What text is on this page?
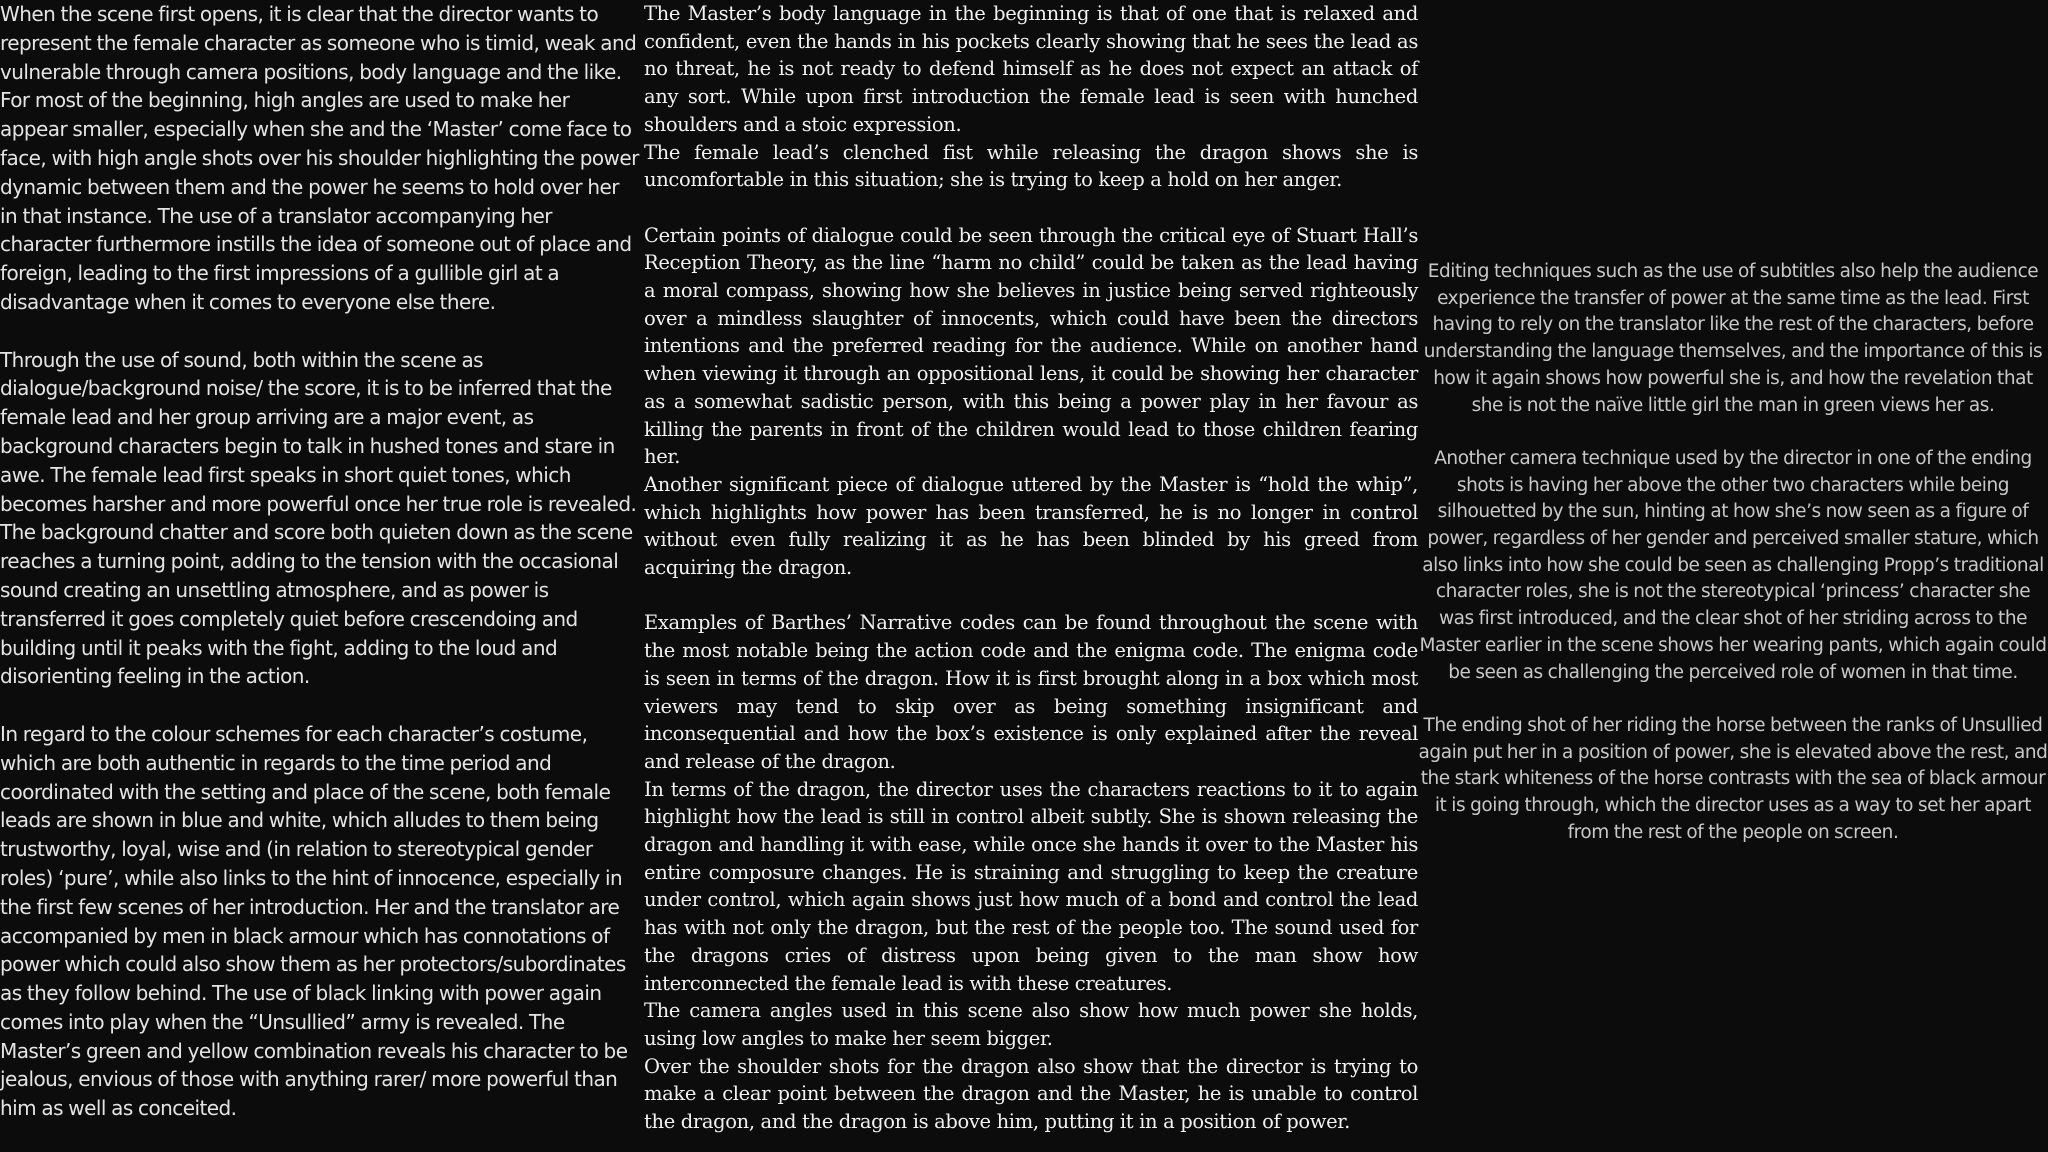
When the scene first opens, it is clear that the director wants to represent the female character as someone who is timid, weak and vulnerable through camera positions, body language and the like. For most of the beginning, high angles are used to make her appear smaller, especially when she and the ‘Master’ come face to face, with high angle shots over his shoulder highlighting the power dynamic between them and the power he seems to hold over her in that instance. The use of a translator accompanying her character furthermore instills the idea of someone out of place and foreign, leading to the first impressions of a gullible girl at a disadvantage when it comes to everyone else there.

Through the use of sound, both within the scene as dialogue/background noise/ the score, it is to be inferred that the female lead and her group arriving are a major event, as background characters begin to talk in hushed tones and stare in awe. The female lead first speaks in short quiet tones, which becomes harsher and more powerful once her true role is revealed. The background chatter and score both quieten down as the scene reaches a turning point, adding to the tension with the occasional sound creating an unsettling atmosphere, and as power is transferred it goes completely quiet before crescendoing and building until it peaks with the fight, adding to the loud and disorienting feeling in the action.

In regard to the colour schemes for each character’s costume, which are both authentic in regards to the time period and coordinated with the setting and place of the scene, both female leads are shown in blue and white, which alludes to them being trustworthy, loyal, wise and (in relation to stereotypical gender roles) ‘pure’, while also links to the hint of innocence, especially in the first few scenes of her introduction. Her and the translator are accompanied by men in black armour which has connotations of power which could also show them as her protectors/subordinates as they follow behind. The use of black linking with power again comes into play when the “Unsullied” army is revealed. The Master’s green and yellow combination reveals his character to be jealous, envious of those with anything rarer/ more powerful than him as well as conceited.

The Master’s body language in the beginning is that of one that is relaxed and confident, even the hands in his pockets clearly showing that he sees the lead as no threat, he is not ready to defend himself as he does not expect an attack of any sort. While upon first introduction the female lead is seen with hunched shoulders and a stoic expression.

The female lead’s clenched fist while releasing the dragon shows she is uncomfortable in this situation; she is trying to keep a hold on her anger.

Certain points of dialogue could be seen through the critical eye of Stuart Hall’s Reception Theory, as the line “harm no child” could be taken as the lead having a moral compass, showing how she believes in justice being served righteously over a mindless slaughter of innocents, which could have been the directors intentions and the preferred reading for the audience. While on another hand when viewing it through an oppositional lens, it could be showing her character as a somewhat sadistic person, with this being a power play in her favour as killing the parents in front of the children would lead to those children fearing her.

Another significant piece of dialogue uttered by the Master is “hold the whip”, which highlights how power has been transferred, he is no longer in control without even fully realizing it as he has been blinded by his greed from acquiring the dragon.

Examples of Barthes’ Narrative codes can be found throughout the scene with the most notable being the action code and the enigma code. The enigma code is seen in terms of the dragon. How it is first brought along in a box which most viewers may tend to skip over as being something insignificant and inconsequential and how the box’s existence is only explained after the reveal and release of the dragon.

In terms of the dragon, the director uses the characters reactions to it to again highlight how the lead is still in control albeit subtly. She is shown releasing the dragon and handling it with ease, while once she hands it over to the Master his entire composure changes. He is straining and struggling to keep the creature under control, which again shows just how much of a bond and control the lead has with not only the dragon, but the rest of the people too. The sound used for the dragons cries of distress upon being given to the man show how interconnected the female lead is with these creatures.

The camera angles used in this scene also show how much power she holds, using low angles to make her seem bigger.

Over the shoulder shots for the dragon also show that the director is trying to make a clear point between the dragon and the Master, he is unable to control the dragon, and the dragon is above him, putting it in a position of power.

Editing techniques such as the use of subtitles also help the audience experience the transfer of power at the same time as the lead. First having to rely on the translator like the rest of the characters, before understanding the language themselves, and the importance of this is how it again shows how powerful she is, and how the revelation that she is not the naïve little girl the man in green views her as.

Another camera technique used by the director in one of the ending shots is having her above the other two characters while being silhouetted by the sun, hinting at how she’s now seen as a figure of power, regardless of her gender and perceived smaller stature, which also links into how she could be seen as challenging Propp’s traditional character roles, she is not the stereotypical ‘princess’ character she was first introduced, and the clear shot of her striding across to the Master earlier in the scene shows her wearing pants, which again could be seen as challenging the perceived role of women in that time.

The ending shot of her riding the horse between the ranks of Unsullied again put her in a position of power, she is elevated above the rest, and the stark whiteness of the horse contrasts with the sea of black armour it is going through, which the director uses as a way to set her apart from the rest of the people on screen.
